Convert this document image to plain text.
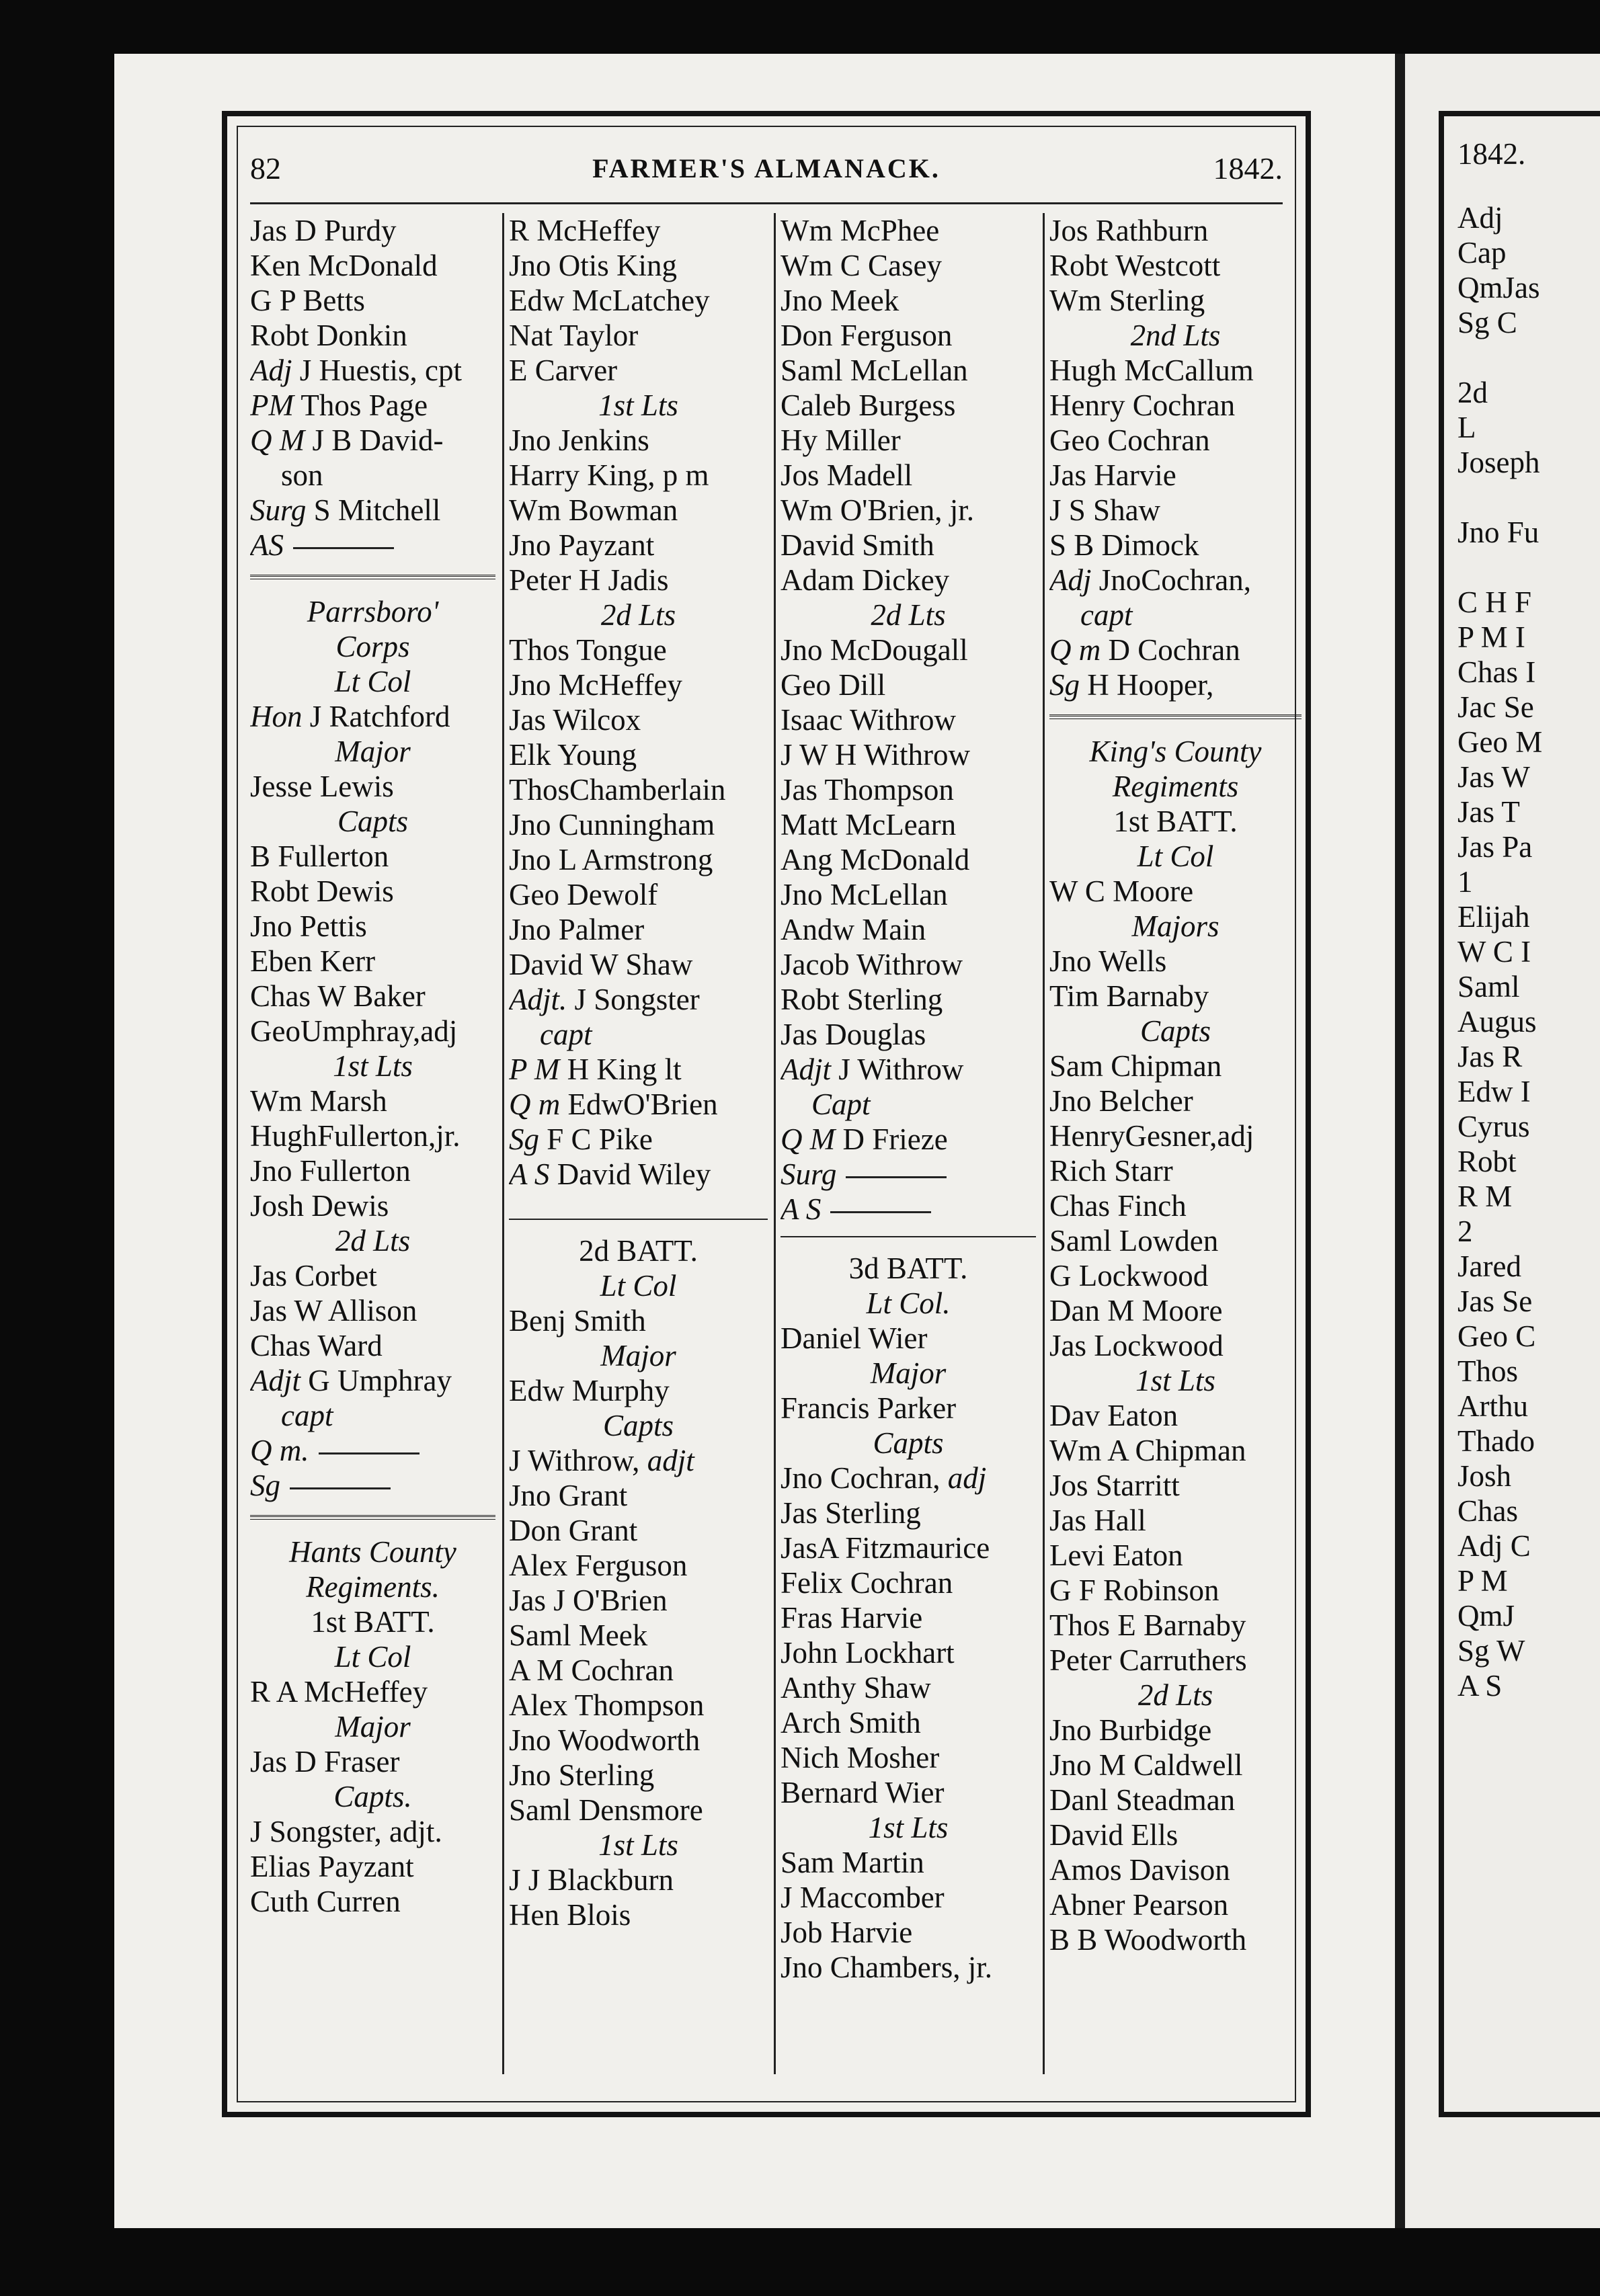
82	FARMER'S ALMANACK.	1842.
Jas D Purdy
Ken McDonald
G P Betts
Robt Donkin
Adj J Huestis, cpt
PM Thos Page
Q M J B David-
son
Surg S Mitchell
AS
Parrsboro'
Corps
Lt Col
Hon J Ratchford
Major
Jesse Lewis
Capts
B Fullerton
Robt Dewis
Jno Pettis
Eben Kerr
Chas W Baker
GeoUmphray,adj
1st Lts
Wm Marsh
HughFullerton,jr.
Jno Fullerton
Josh Dewis
2d Lts
Jas Corbet
Jas W Allison
Chas Ward
Adjt G Umphray
capt
Q m.
Sg
Hants County
Regiments.
1st BATT.
Lt Col
R A McHeffey
Major
Jas D Fraser
Capts.
J Songster, adjt.
Elias Payzant
Cuth Curren
R McHeffey
Jno Otis King
Edw McLatchey
Nat Taylor
E Carver
1st Lts
Jno Jenkins
Harry King, p m
Wm Bowman
Jno Payzant
Peter H Jadis
2d Lts
Thos Tongue
Jno McHeffey
Jas Wilcox
Elk Young
ThosChamberlain
Jno Cunningham
Jno L Armstrong
Geo Dewolf
Jno Palmer
David W Shaw
Adjt. J Songster
capt
P M H King lt
Q m EdwO'Brien
Sg F C Pike
A S David Wiley
2d BATT.
Lt Col
Benj Smith
Major
Edw Murphy
Capts
J Withrow, adjt
Jno Grant
Don Grant
Alex Ferguson
Jas J O'Brien
Saml Meek
A M Cochran
Alex Thompson
Jno Woodworth
Jno Sterling
Saml Densmore
1st Lts
J J Blackburn
Hen Blois
Wm McPhee
Wm C Casey
Jno Meek
Don Ferguson
Saml McLellan
Caleb Burgess
Hy Miller
Jos Madell
Wm O'Brien, jr.
David Smith
Adam Dickey
2d Lts
Jno McDougall
Geo Dill
Isaac Withrow
J W H Withrow
Jas Thompson
Matt McLearn
Ang McDonald
Jno McLellan
Andw Main
Jacob Withrow
Robt Sterling
Jas Douglas
Adjt J Withrow
Capt
Q M D Frieze
Surg
A S
3d BATT.
Lt Col.
Daniel Wier
Major
Francis Parker
Capts
Jno Cochran, adj
Jas Sterling
JasA Fitzmaurice
Felix Cochran
Fras Harvie
John Lockhart
Anthy Shaw
Arch Smith
Nich Mosher
Bernard Wier
1st Lts
Sam Martin
J Maccomber
Job Harvie
Jno Chambers, jr.
Jos Rathburn
Robt Westcott
Wm Sterling
2nd Lts
Hugh McCallum
Henry Cochran
Geo Cochran
Jas Harvie
J S Shaw
S B Dimock
Adj JnoCochran,
capt
Q m D Cochran
Sg H Hooper,
King's County
Regiments
1st BATT.
Lt Col
W C Moore
Majors
Jno Wells
Tim Barnaby
Capts
Sam Chipman
Jno Belcher
HenryGesner,adj
Rich Starr
Chas Finch
Saml Lowden
G Lockwood
Dan M Moore
Jas Lockwood
1st Lts
Dav Eaton
Wm A Chipman
Jos Starritt
Jas Hall
Levi Eaton
G F Robinson
Thos E Barnaby
Peter Carruthers
2d Lts
Jno Burbidge
Jno M Caldwell
Danl Steadman
David Ells
Amos Davison
Abner Pearson
B B Woodworth
1842.
Adj
Cap
QmJas
Sg C
2d
L
Joseph
Jno Fu
C H F
P M I
Chas I
Jac Se
Geo M
Jas W
Jas T
Jas Pa
1
Elijah
W C I
Saml
Augus
Jas R
Edw I
Cyrus
Robt
R M
2
Jared
Jas Se
Geo C
Thos
Arthu
Thado
Josh
Chas
Adj C
P M
QmJ
Sg W
A S
